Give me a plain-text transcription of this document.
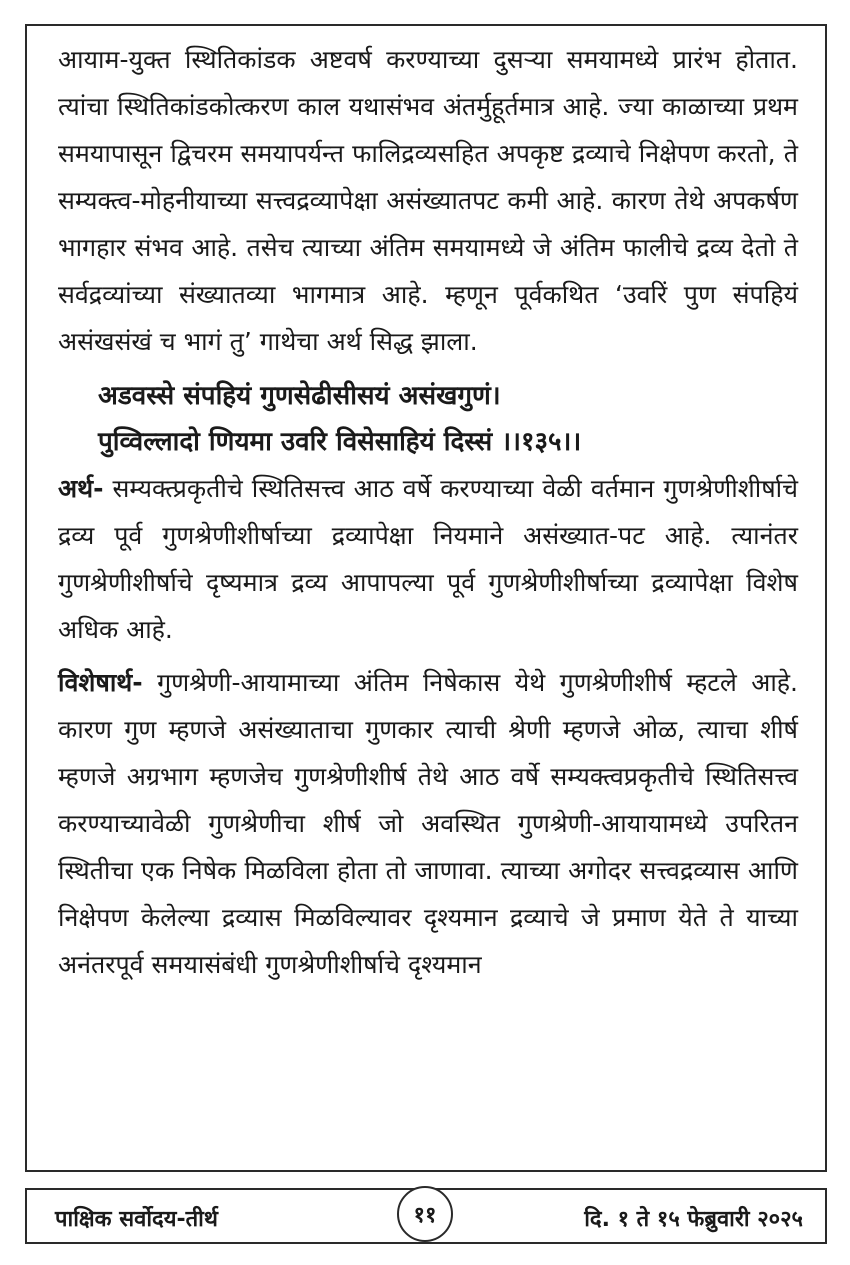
आयाम-युक्त स्थितिकांडक अष्टवर्ष करण्याच्या दुसऱ्या समयामध्ये प्रारंभ होतात. त्यांचा स्थितिकांडकोत्करण काल यथासंभव अंतर्मुहूर्तमात्र आहे. ज्या काळाच्या प्रथम समयापासून द्विचरम समयापर्यन्त फालिद्रव्यसहित अपकृष्ट द्रव्याचे निक्षेपण करतो, ते सम्यक्त्व-मोहनीयाच्या सत्त्वद्रव्यापेक्षा असंख्यातपट कमी आहे. कारण तेथे अपकर्षण भागहार संभव आहे. तसेच त्याच्या अंतिम समयामध्ये जे अंतिम फालीचे द्रव्य देतो ते सर्वद्रव्यांच्या संख्यातव्या भागमात्र आहे. म्हणून पूर्वकथित ‘उवरिं पुण संपहियं असंखसंखं च भागं तु’ गाथेचा अर्थ सिद्ध झाला.

अडवस्से संपहियं गुणसेढीसीसयं असंखगुणं।
पुव्विल्लादो णियमा उवरि विसेसाहियं दिस्सं ।।१३५।।

अर्थ- सम्यक्त्प्रकृतीचे स्थितिसत्त्व आठ वर्षे करण्याच्या वेळी वर्तमान गुणश्रेणीशीर्षाचे द्रव्य पूर्व गुणश्रेणीशीर्षाच्या द्रव्यापेक्षा नियमाने असंख्यात-पट आहे. त्यानंतर गुणश्रेणीशीर्षाचे दृष्यमात्र द्रव्य आपापल्या पूर्व गुणश्रेणीशीर्षाच्या द्रव्यापेक्षा विशेष अधिक आहे.

विशेषार्थ- गुणश्रेणी-आयामाच्या अंतिम निषेकास येथे गुणश्रेणीशीर्ष म्हटले आहे. कारण गुण म्हणजे असंख्याताचा गुणकार त्याची श्रेणी म्हणजे ओळ, त्याचा शीर्ष म्हणजे अग्रभाग म्हणजेच गुणश्रेणीशीर्ष तेथे आठ वर्षे सम्यक्त्वप्रकृतीचे स्थितिसत्त्व करण्याच्यावेळी गुणश्रेणीचा शीर्ष जो अवस्थित गुणश्रेणी-आयायामध्ये उपरितन स्थितीचा एक निषेक मिळविला होता तो जाणावा. त्याच्या अगोदर सत्त्वद्रव्यास आणि निक्षेपण केलेल्या द्रव्यास मिळविल्यावर दृश्यमान द्रव्याचे जे प्रमाण येते ते याच्या अनंतरपूर्व समयासंबंधी गुणश्रेणीशीर्षाचे दृश्यमान

पाक्षिक सर्वोदय-तीर्थ	११	दि. १ ते १५ फेब्रुवारी २०२५
